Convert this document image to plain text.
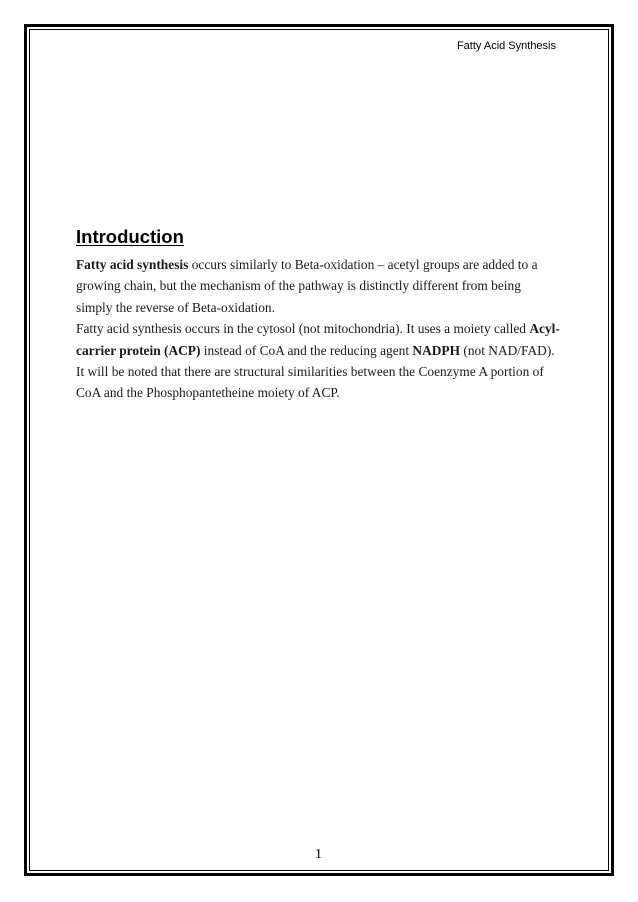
Fatty Acid Synthesis
Introduction

Fatty acid synthesis occurs similarly to Beta-oxidation – acetyl groups are added to a growing chain, but the mechanism of the pathway is distinctly different from being simply the reverse of Beta-oxidation.

Fatty acid synthesis occurs in the cytosol (not mitochondria). It uses a moiety called Acyl-carrier protein (ACP) instead of CoA and the reducing agent NADPH (not NAD/FAD). It will be noted that there are structural similarities between the Coenzyme A portion of CoA and the Phosphopantetheine moiety of ACP.

1
